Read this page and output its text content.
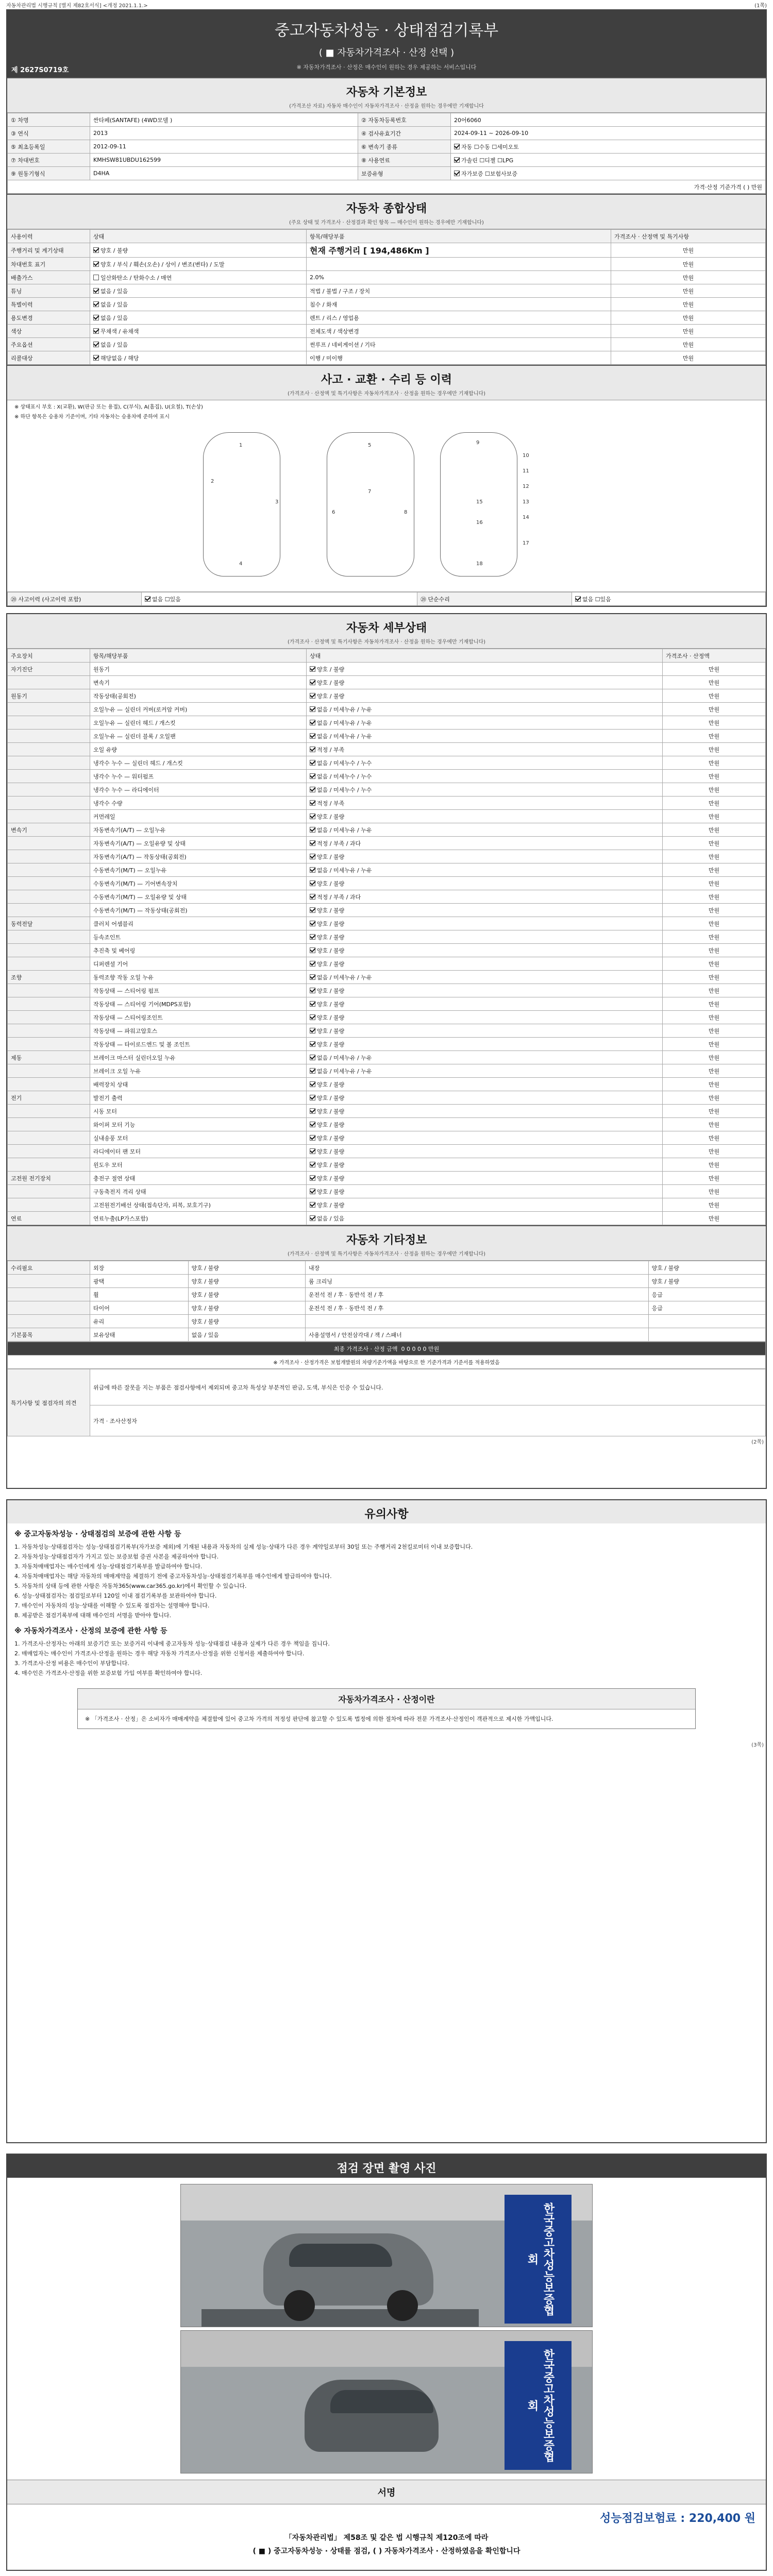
자동차관리법 시행규칙 [별지 제82호서식] <개정 2021.1.1.>	(1쪽)
중고자동차성능 · 상태점검기록부
( ■ 자동차가격조사 · 산정 선택 )
※ 자동차가격조사 · 산정은 매수인이 원하는 경우 제공하는 서비스입니다
제 2627S0719호
자동차 기본정보
(가격조산 자료) 자동차 매수인이 자동차가격조사 · 산정을 원하는 경우에만 기재합니다
① 차명	싼타페(SANTAFE) (4WD모델 )	② 자동차등록번호	20어6060
③ 연식	2013	④ 검사유효기간	2024-09-11 ~ 2026-09-10
⑤ 최초등록일	2012-09-11	⑥ 변속기 종류	자동 ☐수동 ☐세미오토
⑦ 차대번호	KMHSW81UBDU162599	⑧ 사용연료	가솔린 ☐디젤 ☐LPG
⑨ 원동기형식	D4HA	보증유형	자가보증 ☐보험사보증
가격·산정 기준가격 ( ) 만원			
자동차 종합상태
(주요 상태 및 가격조사 · 산정결과 확인 항목 — 매수인이 원하는 경우에만 기재합니다)
사용이력	상태	항목/해당부품	가격조사 · 산정액 및 특기사항
주행거리 및 계기상태	양호 / 불량	현재 주행거리 [ 194,486Km ]	만원
차대번호 표기	양호 / 부식 / 훼손(오손) / 상이 / 변조(변타) / 도말		만원
배출가스	일산화탄소 / 탄화수소 / 매연	2.0%	만원
튜닝	없음 / 있음	적법 / 불법 / 구조 / 장치	만원
특별이력	없음 / 있음	침수 / 화재	만원
용도변경	없음 / 있음	렌트 / 리스 / 영업용	만원
색상	무채색 / 유채색	전체도색 / 색상변경	만원
주요옵션	없음 / 있음	썬루프 / 네비게이션 / 기타	만원
리콜대상	해당없음 / 해당	이행 / 미이행	만원
사고 · 교환 · 수리 등 이력
(가격조사 · 산정액 및 특기사항은 자동차가격조사 · 산정을 원하는 경우에만 기재합니다)
※ 상태표시 부호 : X(교환), W(판금 또는 용접), C(부식), A(흠집), U(요철), T(손상)
※ 하단 항목은 승용차 기준이며, 기타 자동차는 승용차에 준하여 표시
1
2
3
4
5
6
7
8
9
10
11
12
13
14
15
16
17
18
⑳ 사고이력 (사고이력 포함)	없음 ☐있음	⑳ 단순수리	없음 ☐있음

자동차 세부상태
(가격조사 · 산정액 및 특기사항은 자동차가격조사 · 산정을 원하는 경우에만 기재합니다)
주요장치	항목/해당부품	상태	가격조사 · 산정액
자기진단	원동기	양호 / 불량	만원
	변속기	양호 / 불량	만원
원동기	작동상태(공회전)	양호 / 불량	만원
	오일누유 — 실린더 커버(로커암 커버)	없음 / 미세누유 / 누유	만원
	오일누유 — 실린더 헤드 / 개스킷	없음 / 미세누유 / 누유	만원
	오일누유 — 실린더 블록 / 오일팬	없음 / 미세누유 / 누유	만원
	오일 유량	적정 / 부족	만원
	냉각수 누수 — 실린더 헤드 / 개스킷	없음 / 미세누수 / 누수	만원
	냉각수 누수 — 워터펌프	없음 / 미세누수 / 누수	만원
	냉각수 누수 — 라디에이터	없음 / 미세누수 / 누수	만원
	냉각수 수량	적정 / 부족	만원
	커먼레일	양호 / 불량	만원
변속기	자동변속기(A/T) — 오일누유	없음 / 미세누유 / 누유	만원
	자동변속기(A/T) — 오일유량 및 상태	적정 / 부족 / 과다	만원
	자동변속기(A/T) — 작동상태(공회전)	양호 / 불량	만원
	수동변속기(M/T) — 오일누유	없음 / 미세누유 / 누유	만원
	수동변속기(M/T) — 기어변속장치	양호 / 불량	만원
	수동변속기(M/T) — 오일유량 및 상태	적정 / 부족 / 과다	만원
	수동변속기(M/T) — 작동상태(공회전)	양호 / 불량	만원
동력전달	클러치 어셈블리	양호 / 불량	만원
	등속조인트	양호 / 불량	만원
	추진축 및 베어링	양호 / 불량	만원
	디퍼렌셜 기어	양호 / 불량	만원
조향	동력조향 작동 오일 누유	없음 / 미세누유 / 누유	만원
	작동상태 — 스티어링 펌프	양호 / 불량	만원
	작동상태 — 스티어링 기어(MDPS포함)	양호 / 불량	만원
	작동상태 — 스티어링조인트	양호 / 불량	만원
	작동상태 — 파워고압호스	양호 / 불량	만원
	작동상태 — 타이로드엔드 및 볼 조인트	양호 / 불량	만원
제동	브레이크 마스터 실린더오일 누유	없음 / 미세누유 / 누유	만원
	브레이크 오일 누유	없음 / 미세누유 / 누유	만원
	배력장치 상태	양호 / 불량	만원
전기	발전기 출력	양호 / 불량	만원
	시동 모터	양호 / 불량	만원
	와이퍼 모터 기능	양호 / 불량	만원
	실내송풍 모터	양호 / 불량	만원
	라디에이터 팬 모터	양호 / 불량	만원
	윈도우 모터	양호 / 불량	만원
고전원 전기장치	충전구 절연 상태	양호 / 불량	만원
	구동축전지 격리 상태	양호 / 불량	만원
	고전원전기배선 상태(접속단자, 피복, 보호기구)	양호 / 불량	만원
연료	연료누출(LP가스포함)	없음 / 있음	만원
자동차 기타정보
(가격조사 · 산정액 및 특기사항은 자동차가격조사 · 산정을 원하는 경우에만 기재합니다)
수리필요	외장	양호 / 불량	내장	양호 / 불량
	광택	양호 / 불량	룸 크리닝	양호 / 불량
	휠	양호 / 불량	운전석 전 / 후 · 동반석 전 / 후	응급
	타이어	양호 / 불량	운전석 전 / 후 · 동반석 전 / 후	응급
	유리	양호 / 불량		
기본품목	보유상태	없음 / 있음	사용설명서 / 안전삼각대 / 잭 / 스패너	
최종 가격조사 · 산정 금액 0 0 0 0 0 만원
※ 가격조사 · 산정가격은 보험개발원의 차량기준가액을 바탕으로 한 기준가격과 기준서를 적용하였음
특기사항 및 점검자의 의견	위급에 따른 잘못을 지는 부품은 점검사항에서 제외되며 중고차 특성상 부분적인 판금, 도색, 부식은 인증 수 있습니다.
가격 · 조사산정자
(2쪽)
유의사항
※ 중고자동차성능 · 상태점검의 보증에 관한 사항 등

1. 자동차성능·상태점검자는 성능·상태점검기록부(자가보증 제외)에 기재된 내용과 자동차의 실제 성능·상태가 다른 경우 계약일로부터 30일 또는 주행거리 2천킬로미터 이내 보증합니다.

2. 자동차성능·상태점검자가 가지고 있는 보증보험 증권 사본을 제공하여야 합니다.

3. 자동차매매업자는 매수인에게 성능·상태점검기록부를 발급하여야 합니다.

4. 자동차매매업자는 해당 자동차의 매매계약을 체결하기 전에 중고자동차성능·상태점검기록부를 매수인에게 발급하여야 합니다.

5. 자동차의 상태 등에 관한 사항은 자동차365(www.car365.go.kr)에서 확인할 수 있습니다.

6. 성능·상태점검자는 점검일로부터 120일 이내 점검기록부를 보관하여야 합니다.

7. 매수인이 자동차의 성능·상태를 이해할 수 있도록 점검자는 설명해야 합니다.

8. 제공받은 점검기록부에 대해 매수인의 서명을 받아야 합니다.

※ 자동차가격조사 · 산정의 보증에 관한 사항 등

1. 가격조사·산정자는 아래의 보증기간 또는 보증거리 이내에 중고자동차 성능·상태점검 내용과 실제가 다른 경우 책임을 집니다.

2. 매매업자는 매수인이 가격조사·산정을 원하는 경우 해당 자동차 가격조사·산정을 위한 신청서를 제출하여야 합니다.

3. 가격조사·산정 비용은 매수인이 부담합니다.

4. 매수인은 가격조사·산정을 위한 보증보험 가입 여부를 확인하여야 합니다.

자동차가격조사 · 산정이란

※ 「가격조사 · 산정」은 소비자가 매매계약을 체결함에 있어 중고차 가격의 적정성 판단에 참고할 수 있도록 법정에 의한 절차에 따라 전문 가격조사·산정인이 객관적으로 제시한 가액입니다.

(3쪽)
점검 장면 촬영 사진
한국중고차성능보증협회
한국중고차성능보증협회
서명
성능점검보험료 : 220,400 원
「자동차관리법」 제58조 및 같은 법 시행규칙 제120조에 따라
( ■ ) 중고자동차성능 · 상태를 점검, ( ) 자동차가격조사 · 산정하였음을 확인합니다
